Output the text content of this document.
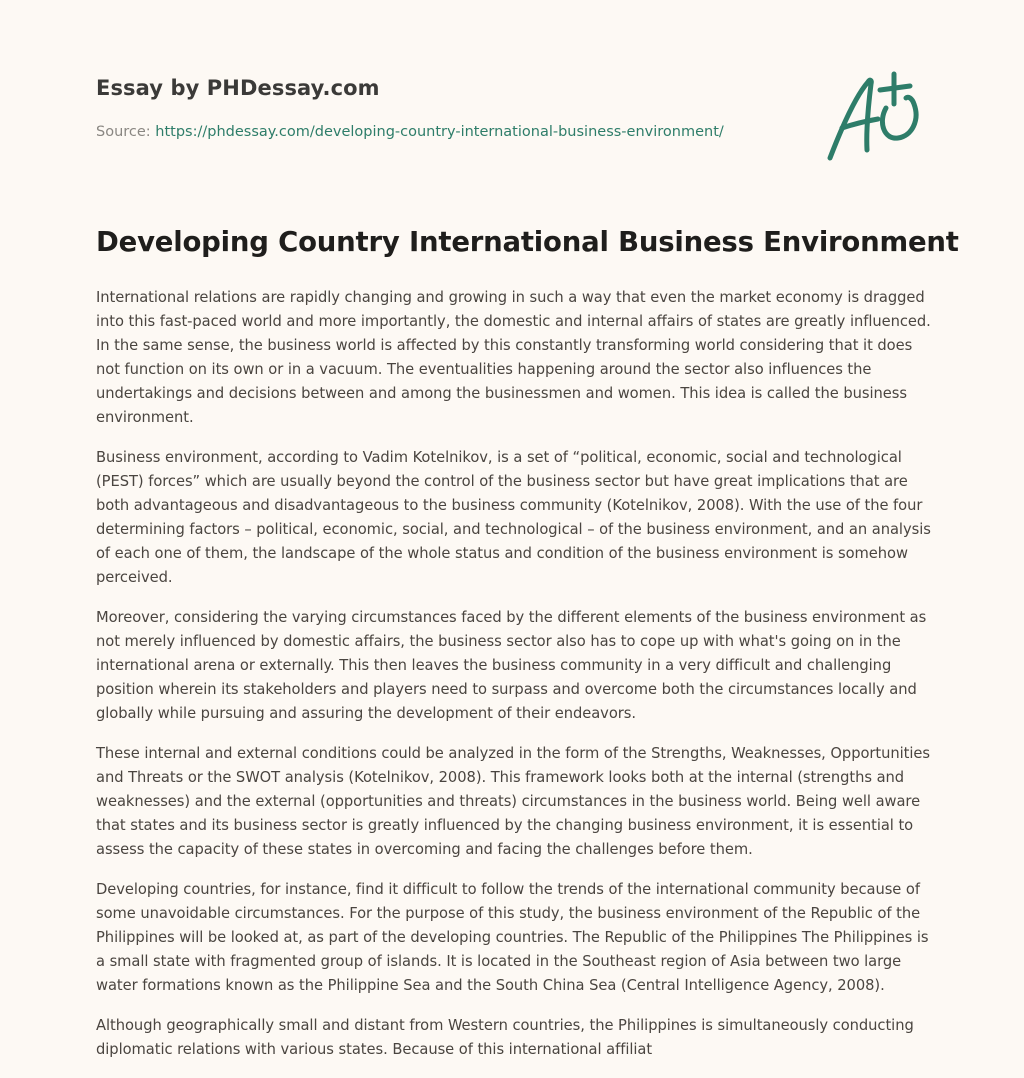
Essay by PHDessay.com
Source: https://phdessay.com/developing-country-international-business-environment/
Developing Country International Business Environment

International relations are rapidly changing and growing in such a way that even the market economy is dragged into this fast-paced world and more importantly, the domestic and internal affairs of states are greatly influenced. In the same sense, the business world is affected by this constantly transforming world considering that it does not function on its own or in a vacuum. The eventualities happening around the sector also influences the undertakings and decisions between and among the businessmen and women. This idea is called the business environment.

Business environment, according to Vadim Kotelnikov, is a set of “political, economic, social and technological (PEST) forces” which are usually beyond the control of the business sector but have great implications that are both advantageous and disadvantageous to the business community (Kotelnikov, 2008). With the use of the four determining factors – political, economic, social, and technological – of the business environment, and an analysis of each one of them, the landscape of the whole status and condition of the business environment is somehow perceived.

Moreover, considering the varying circumstances faced by the different elements of the business environment as not merely influenced by domestic affairs, the business sector also has to cope up with what's going on in the international arena or externally. This then leaves the business community in a very difficult and challenging position wherein its stakeholders and players need to surpass and overcome both the circumstances locally and globally while pursuing and assuring the development of their endeavors.

These internal and external conditions could be analyzed in the form of the Strengths, Weaknesses, Opportunities and Threats or the SWOT analysis (Kotelnikov, 2008). This framework looks both at the internal (strengths and weaknesses) and the external (opportunities and threats) circumstances in the business world. Being well aware that states and its business sector is greatly influenced by the changing business environment, it is essential to assess the capacity of these states in overcoming and facing the challenges before them.

Developing countries, for instance, find it difficult to follow the trends of the international community because of some unavoidable circumstances. For the purpose of this study, the business environment of the Republic of the Philippines will be looked at, as part of the developing countries. The Republic of the Philippines The Philippines is a small state with fragmented group of islands. It is located in the Southeast region of Asia between two large water formations known as the Philippine Sea and the South China Sea (Central Intelligence Agency, 2008).

Although geographically small and distant from Western countries, the Philippines is simultaneously conducting diplomatic relations with various states. Because of this international affiliat
